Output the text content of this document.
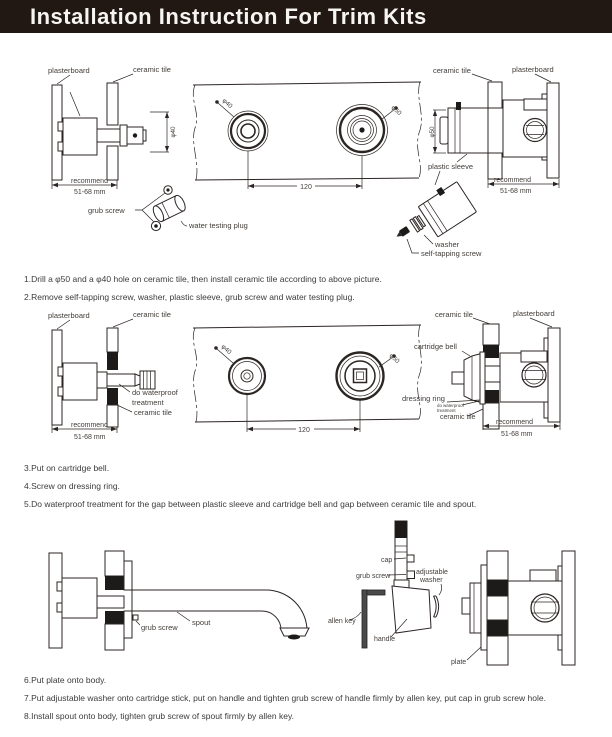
Installation Instruction For Trim Kits
plasterboard	ceramic tile
φ40
recommend
51-68 mm
grub screw
water testing plug
φ40
φ50
120
ceramic tile	plasterboard
φ50
plastic sleeve
recommend
51-68 mm
washer
self-tapping screw

1.Drill a φ50 and a φ40 hole on ceramic tile, then install ceramic tile according to above picture.

2.Remove self-tapping screw, washer, plastic sleeve, grub screw and water testing plug.

plasterboard	ceramic tile
do waterproof
treatment
ceramic tile
recommend
51-68 mm
φ40
φ50
120
ceramic tile	plasterboard
cartridge bell
dressing ring
do waterproof
treatment
ceramic tile
recommend
51-68 mm

3.Put on cartridge bell.

4.Screw on dressing ring.

5.Do waterproof treatment for the gap between plastic sleeve and cartridge bell and gap between ceramic tile and spout.

grub screw
spout
cap
grub screw
adjustable
washer
allen key
handle
plate

6.Put plate onto body.

7.Put adjustable washer onto cartridge stick, put on handle and tighten grub screw of handle firmly by allen key, put cap in grub screw hole.

8.Install spout onto body, tighten grub screw of spout firmly by allen key.
